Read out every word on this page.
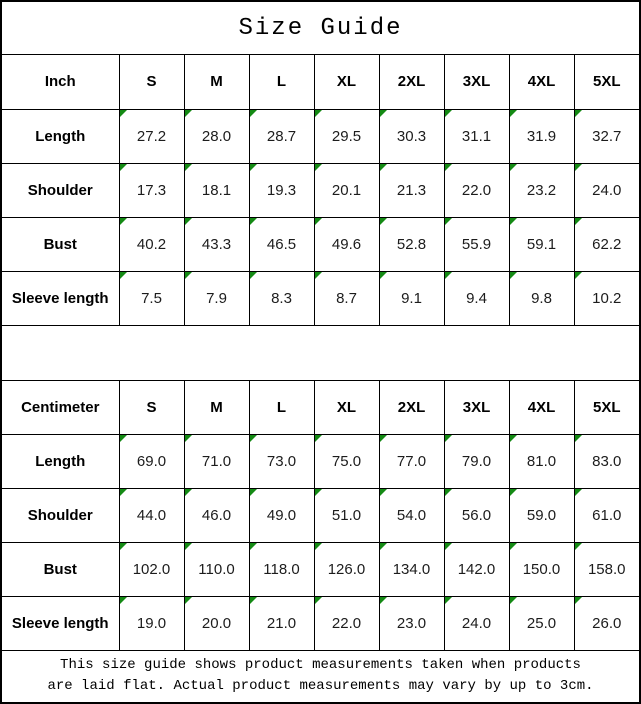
Size Guide
Inch	S	M	L	XL	2XL	3XL	4XL	5XL
Length	27.2	28.0	28.7	29.5	30.3	31.1	31.9	32.7
Shoulder	17.3	18.1	19.3	20.1	21.3	22.0	23.2	24.0
Bust	40.2	43.3	46.5	49.6	52.8	55.9	59.1	62.2
Sleeve length	7.5	7.9	8.3	8.7	9.1	9.4	9.8	10.2
Centimeter	S	M	L	XL	2XL	3XL	4XL	5XL
Length	69.0	71.0	73.0	75.0	77.0	79.0	81.0	83.0
Shoulder	44.0	46.0	49.0	51.0	54.0	56.0	59.0	61.0
Bust	102.0	110.0	118.0	126.0	134.0	142.0	150.0	158.0
Sleeve length	19.0	20.0	21.0	22.0	23.0	24.0	25.0	26.0
This size guide shows product measurements taken when products
are laid flat. Actual product measurements may vary by up to 3cm.
